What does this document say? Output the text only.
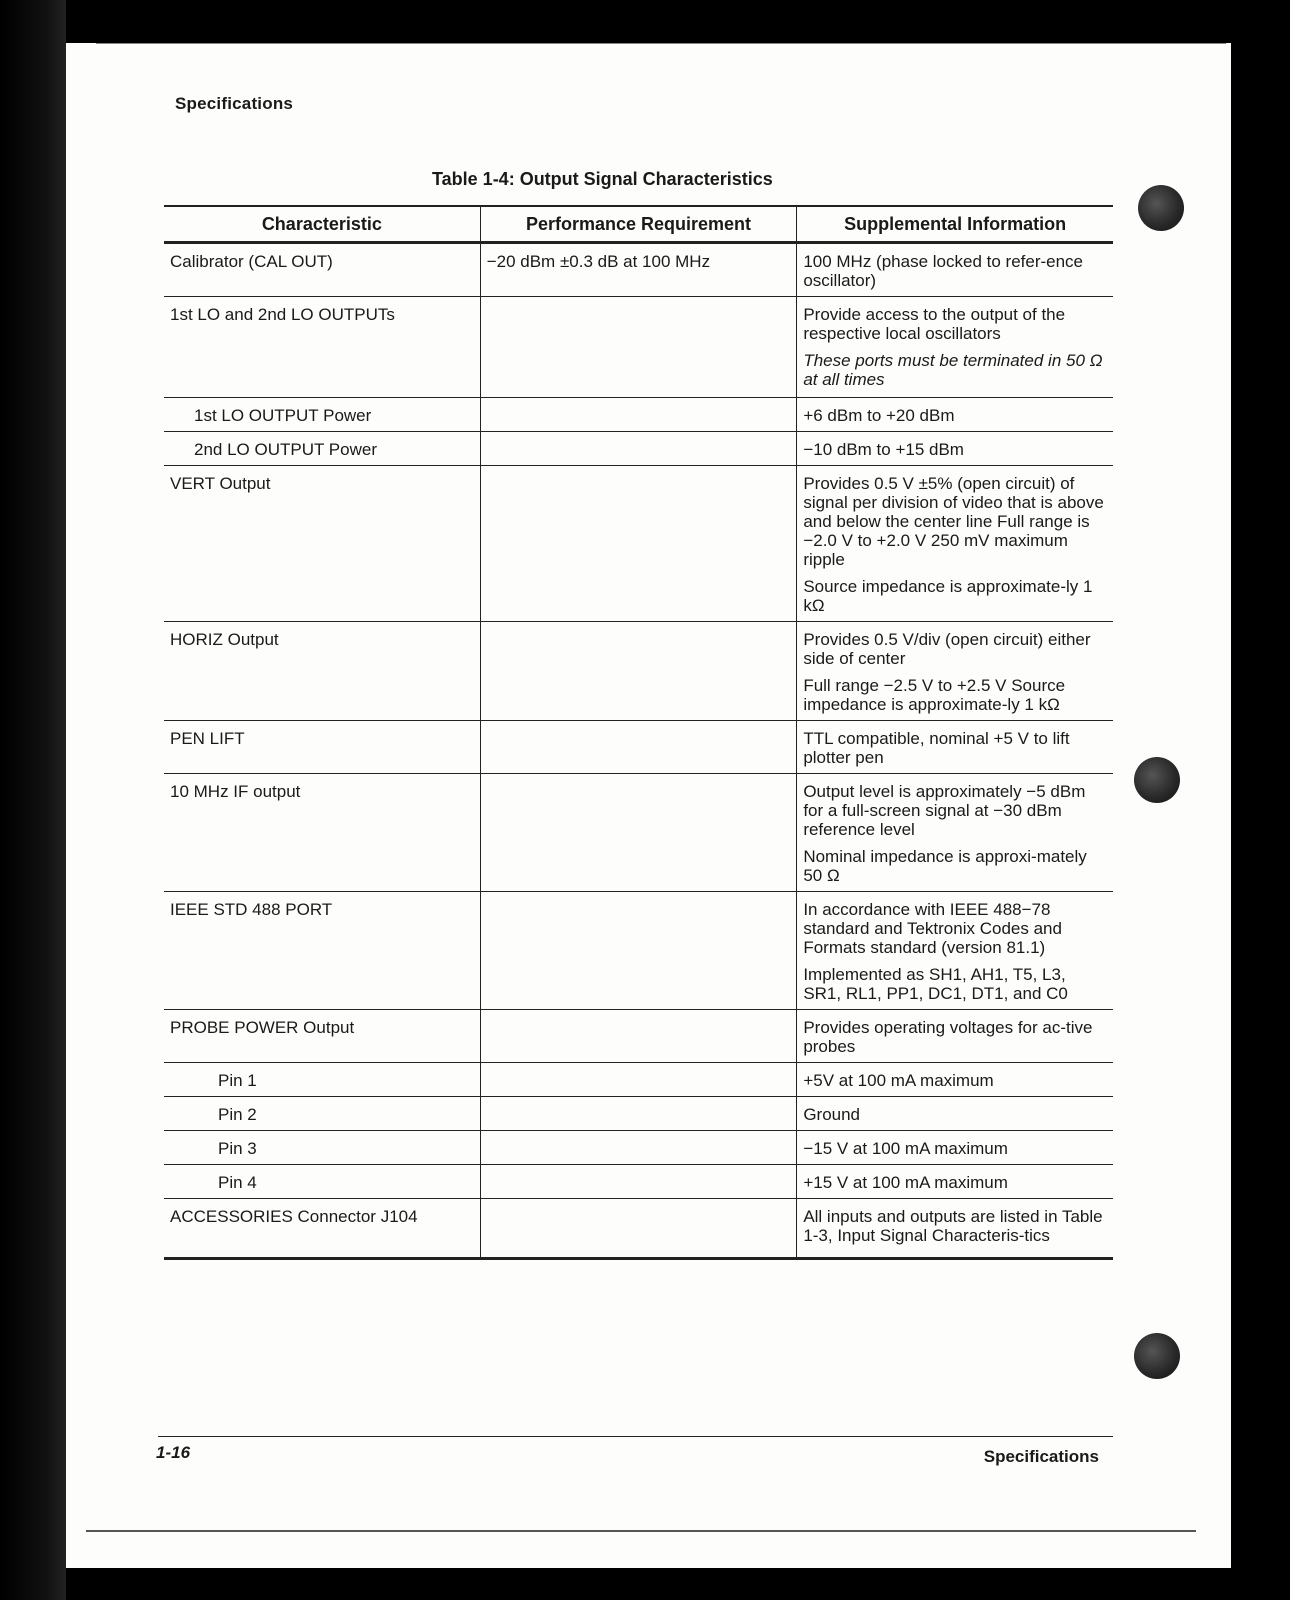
Specifications
Table 1-4: Output Signal Characteristics
Characteristic	Performance Requirement	Supplemental Information
Calibrator (CAL OUT)	−20 dBm ±0.3 dB at 100 MHz	100 MHz (phase locked to refer-ence oscillator)

1st LO and 2nd LO OUTPUTs		Provide access to the output of the respective local oscillators

These ports must be terminated in 50 Ω at all times

1st LO OUTPUT Power		+6 dBm to +20 dBm

2nd LO OUTPUT Power		−10 dBm to +15 dBm

VERT Output		Provides 0.5 V ±5% (open circuit) of signal per division of video that is above and below the center line Full range is −2.0 V to +2.0 V 250 mV maximum ripple

Source impedance is approximate-ly 1 kΩ

HORIZ Output		Provides 0.5 V/div (open circuit) either side of center

Full range −2.5 V to +2.5 V Source impedance is approximate-ly 1 kΩ

PEN LIFT		TTL compatible, nominal +5 V to lift plotter pen

10 MHz IF output		Output level is approximately −5 dBm for a full-screen signal at −30 dBm reference level

Nominal impedance is approxi-mately 50 Ω

IEEE STD 488 PORT		In accordance with IEEE 488−78 standard and Tektronix Codes and Formats standard (version 81.1)

Implemented as SH1, AH1, T5, L3, SR1, RL1, PP1, DC1, DT1, and C0

PROBE POWER Output		Provides operating voltages for ac-tive probes

Pin 1		+5V at 100 mA maximum

Pin 2		Ground

Pin 3		−15 V at 100 mA maximum

Pin 4		+15 V at 100 mA maximum

ACCESSORIES Connector J104		All inputs and outputs are listed in Table 1-3, Input Signal Characteris-tics

1-16	Specifications
